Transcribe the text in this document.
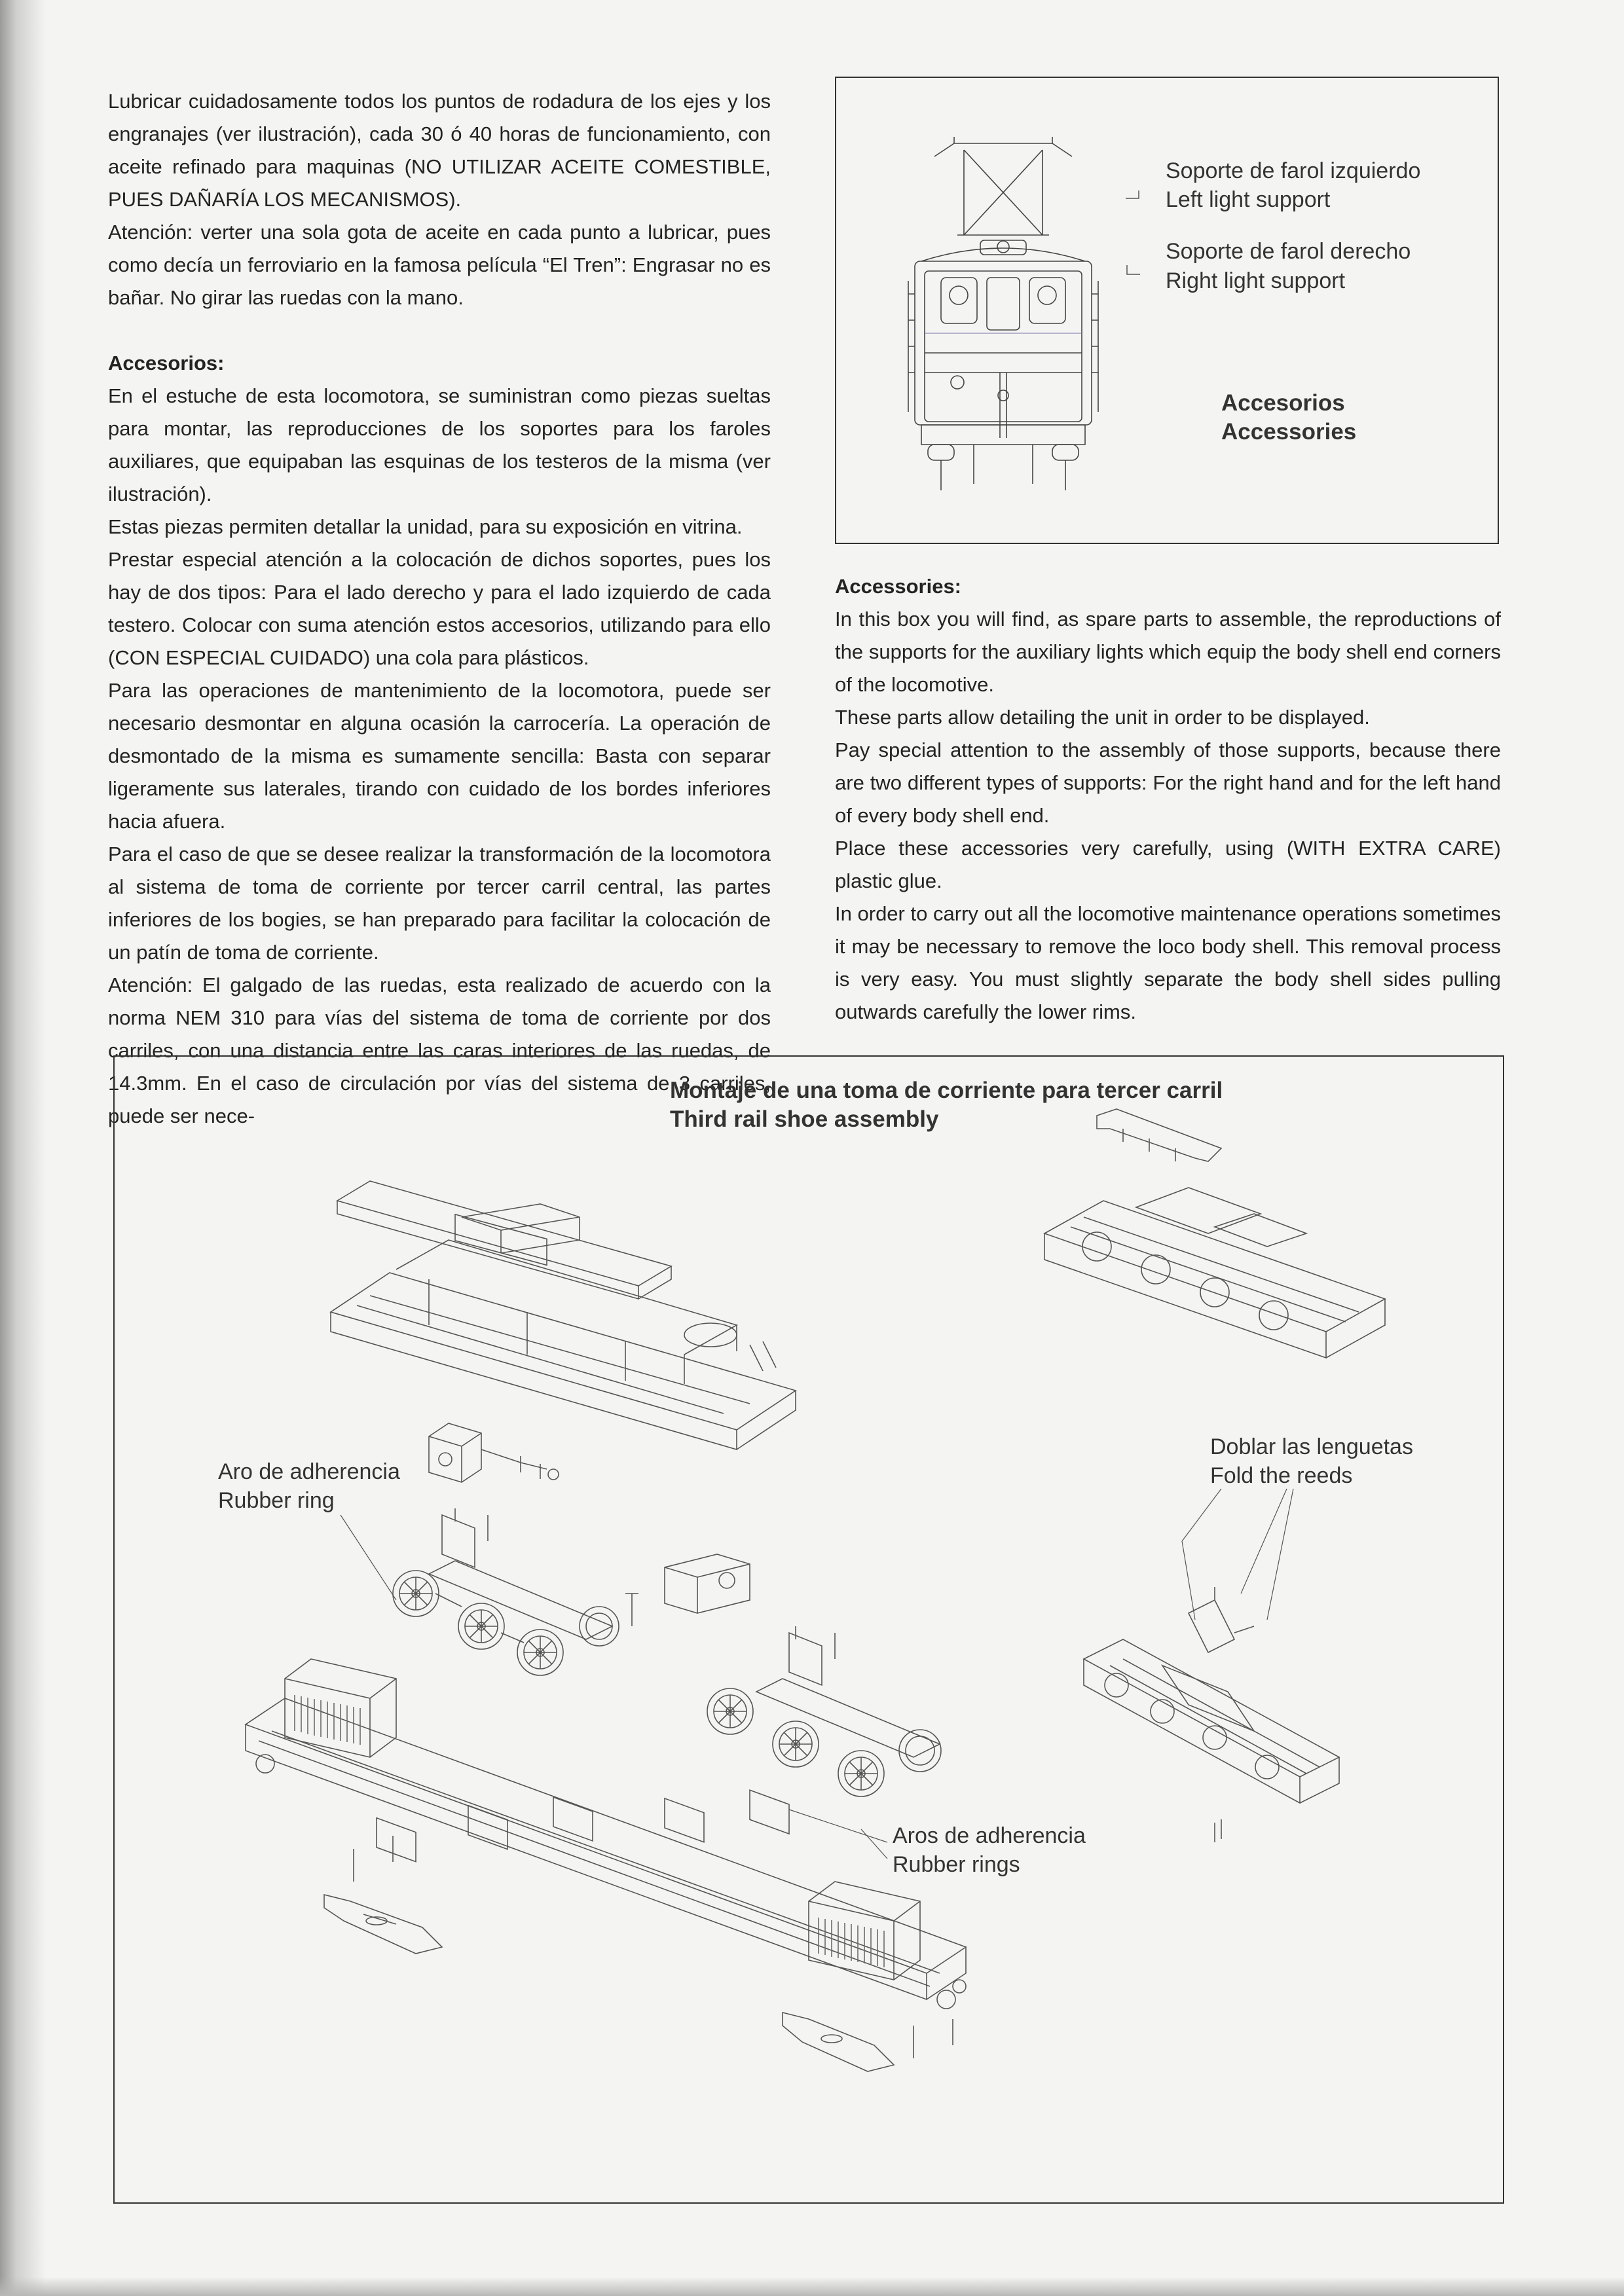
Lubricar cuidadosamente todos los puntos de rodadura de los ejes y los engranajes (ver ilustración), cada 30 ó 40 horas de funcionamiento, con aceite refinado para maquinas (NO UTILIZAR ACEITE COMESTIBLE, PUES DAÑARÍA LOS MECANISMOS).

Atención: verter una sola gota de aceite en cada punto a lubricar, pues como decía un ferroviario en la famosa película “El Tren”: Engrasar no es bañar. No girar las ruedas con la mano.

Accesorios:

En el estuche de esta locomotora, se suministran como piezas sueltas para montar, las reproducciones de los soportes para los faroles auxiliares, que equipaban las esquinas de los testeros de la misma (ver ilustración).

Estas piezas permiten detallar la unidad, para su exposición en vitrina.

Prestar especial atención a la colocación de dichos soportes, pues los hay de dos tipos: Para el lado derecho y para el lado izquierdo de cada testero. Colocar con suma atención estos accesorios, utilizando para ello (CON ESPECIAL CUIDADO) una cola para plásticos.

Para las operaciones de mantenimiento de la locomotora, puede ser necesario desmontar en alguna ocasión la carrocería. La operación de desmontado de la misma es sumamente sencilla: Basta con separar ligeramente sus laterales, tirando con cuidado de los bordes inferiores hacia afuera.

Para el caso de que se desee realizar la transformación de la locomotora al sistema de toma de corriente por tercer carril central, las partes inferiores de los bogies, se han preparado para facilitar la colocación de un patín de toma de corriente.

Atención: El galgado de las ruedas, esta realizado de acuerdo con la norma NEM 310 para vías del sistema de toma de corriente por dos carriles, con una distancia entre las caras interiores de las ruedas, de 14.3mm. En el caso de circulación por vías del sistema de 3 carriles, puede ser nece-

Soporte de farol izquierdo
Left light support
Soporte de farol derecho
Right light support
Accesorios
Accessories

Accessories:

In this box you will find, as spare parts to assemble, the reproductions of the supports for the auxiliary lights which equip the body shell end corners of the locomotive.

These parts allow detailing the unit in order to be displayed.

Pay special attention to the assembly of those supports, because there are two different types of supports: For the right hand and for the left hand of every body shell end.

Place these accessories very carefully, using (WITH EXTRA CARE) plastic glue.

In order to carry out all the locomotive maintenance operations sometimes it may be necessary to remove the loco body shell. This removal process is very easy. You must slightly separate the body shell sides pulling outwards carefully the lower rims.

Montaje de una toma de corriente para tercer carril
Third rail shoe assembly
Aro de adherencia
Rubber ring
Aros de adherencia
Rubber rings
Doblar las lenguetas
Fold the reeds
